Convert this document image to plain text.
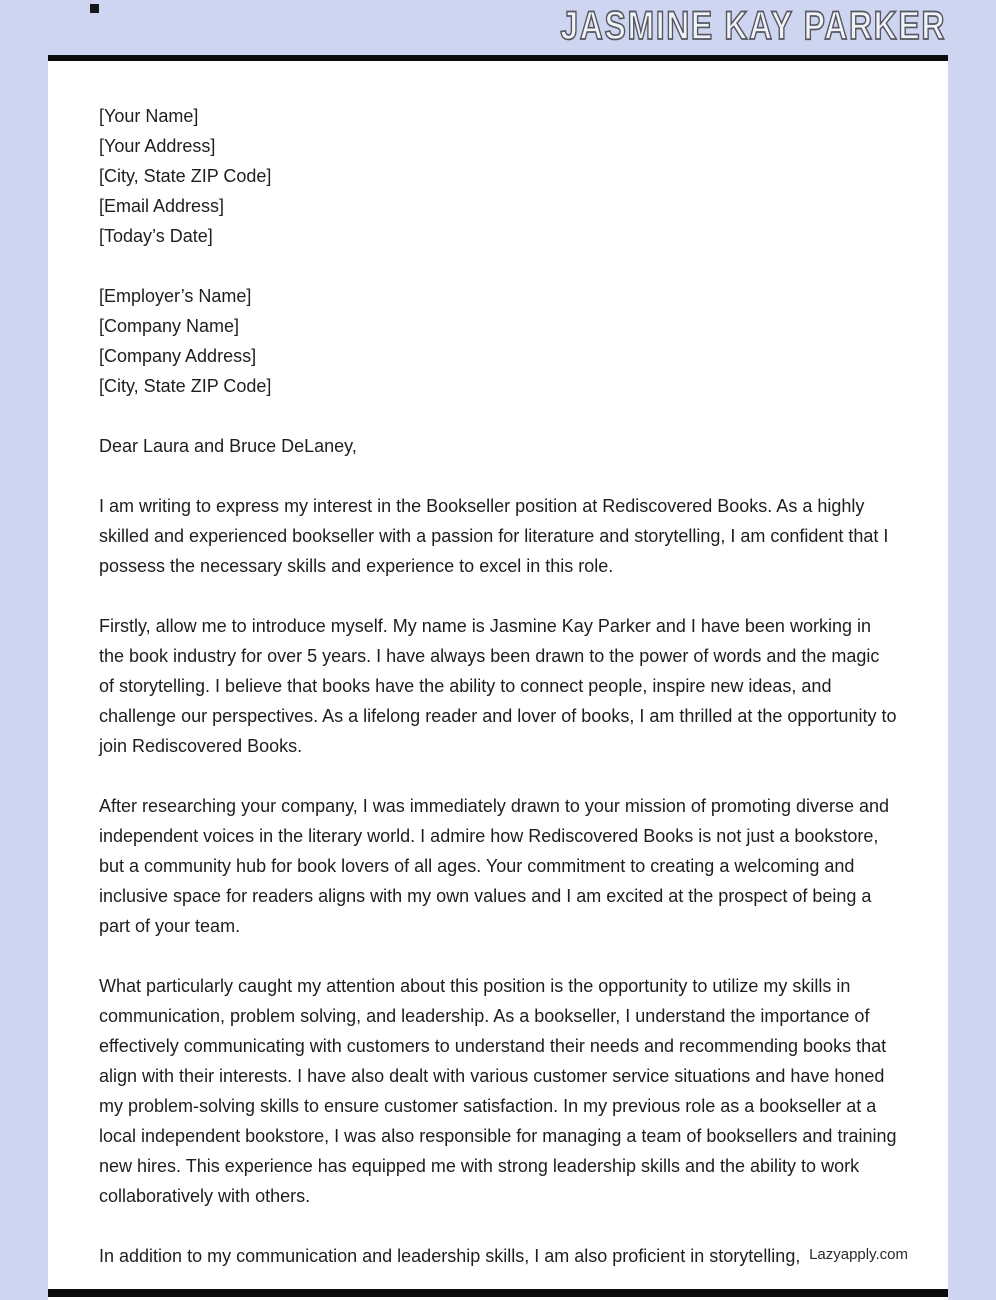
JASMINE KAY PARKER
[Your Name]
[Your Address]
[City, State ZIP Code]
[Email Address]
[Today’s Date]
[Employer’s Name]
[Company Name]
[Company Address]
[City, State ZIP Code]
Dear Laura and Bruce DeLaney,

I am writing to express my interest in the Bookseller position at Rediscovered Books. As a highly skilled and experienced bookseller with a passion for literature and storytelling, I am confident that I possess the necessary skills and experience to excel in this role.

Firstly, allow me to introduce myself. My name is Jasmine Kay Parker and I have been working in the book industry for over 5 years. I have always been drawn to the power of words and the magic of storytelling. I believe that books have the ability to connect people, inspire new ideas, and challenge our perspectives. As a lifelong reader and lover of books, I am thrilled at the opportunity to join Rediscovered Books.

After researching your company, I was immediately drawn to your mission of promoting diverse and independent voices in the literary world. I admire how Rediscovered Books is not just a bookstore, but a community hub for book lovers of all ages. Your commitment to creating a welcoming and inclusive space for readers aligns with my own values and I am excited at the prospect of being a part of your team.

What particularly caught my attention about this position is the opportunity to utilize my skills in communication, problem solving, and leadership. As a bookseller, I understand the importance of effectively communicating with customers to understand their needs and recommending books that align with their interests. I have also dealt with various customer service situations and have honed my problem-solving skills to ensure customer satisfaction. In my previous role as a bookseller at a local independent bookstore, I was also responsible for managing a team of booksellers and training new hires. This experience has equipped me with strong leadership skills and the ability to work collaboratively with others.

In addition to my communication and leadership skills, I am also proficient in storytelling, Lazyapply.com
